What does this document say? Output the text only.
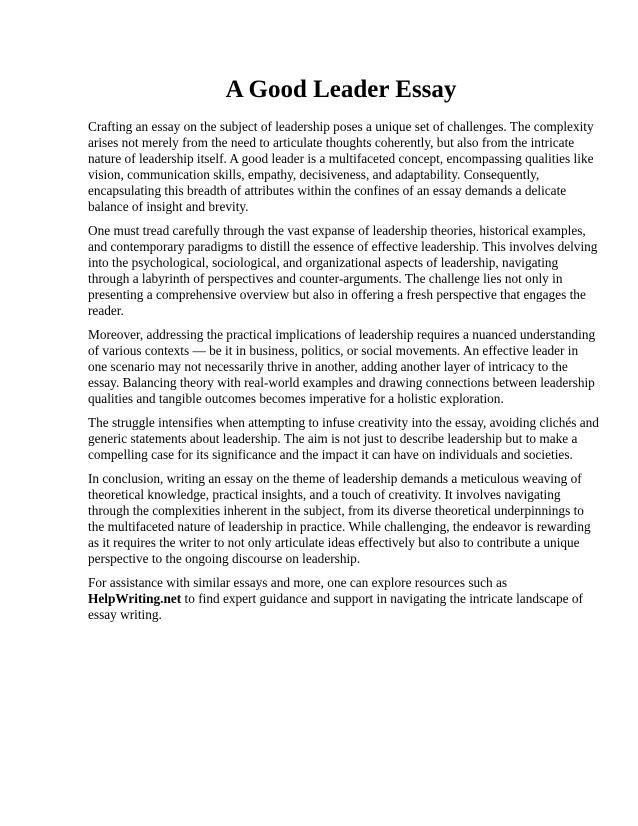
A Good Leader Essay

Crafting an essay on the subject of leadership poses a unique set of challenges. The complexity arises not merely from the need to articulate thoughts coherently, but also from the intricate nature of leadership itself. A good leader is a multifaceted concept, encompassing qualities like vision, communication skills, empathy, decisiveness, and adaptability. Consequently, encapsulating this breadth of attributes within the confines of an essay demands a delicate balance of insight and brevity.

One must tread carefully through the vast expanse of leadership theories, historical examples, and contemporary paradigms to distill the essence of effective leadership. This involves delving into the psychological, sociological, and organizational aspects of leadership, navigating through a labyrinth of perspectives and counter-arguments. The challenge lies not only in presenting a comprehensive overview but also in offering a fresh perspective that engages the reader.

Moreover, addressing the practical implications of leadership requires a nuanced understanding of various contexts — be it in business, politics, or social movements. An effective leader in one scenario may not necessarily thrive in another, adding another layer of intricacy to the essay. Balancing theory with real-world examples and drawing connections between leadership qualities and tangible outcomes becomes imperative for a holistic exploration.

The struggle intensifies when attempting to infuse creativity into the essay, avoiding clichés and generic statements about leadership. The aim is not just to describe leadership but to make a compelling case for its significance and the impact it can have on individuals and societies.

In conclusion, writing an essay on the theme of leadership demands a meticulous weaving of theoretical knowledge, practical insights, and a touch of creativity. It involves navigating through the complexities inherent in the subject, from its diverse theoretical underpinnings to the multifaceted nature of leadership in practice. While challenging, the endeavor is rewarding as it requires the writer to not only articulate ideas effectively but also to contribute a unique perspective to the ongoing discourse on leadership.

For assistance with similar essays and more, one can explore resources such as HelpWriting.net to find expert guidance and support in navigating the intricate landscape of essay writing.
